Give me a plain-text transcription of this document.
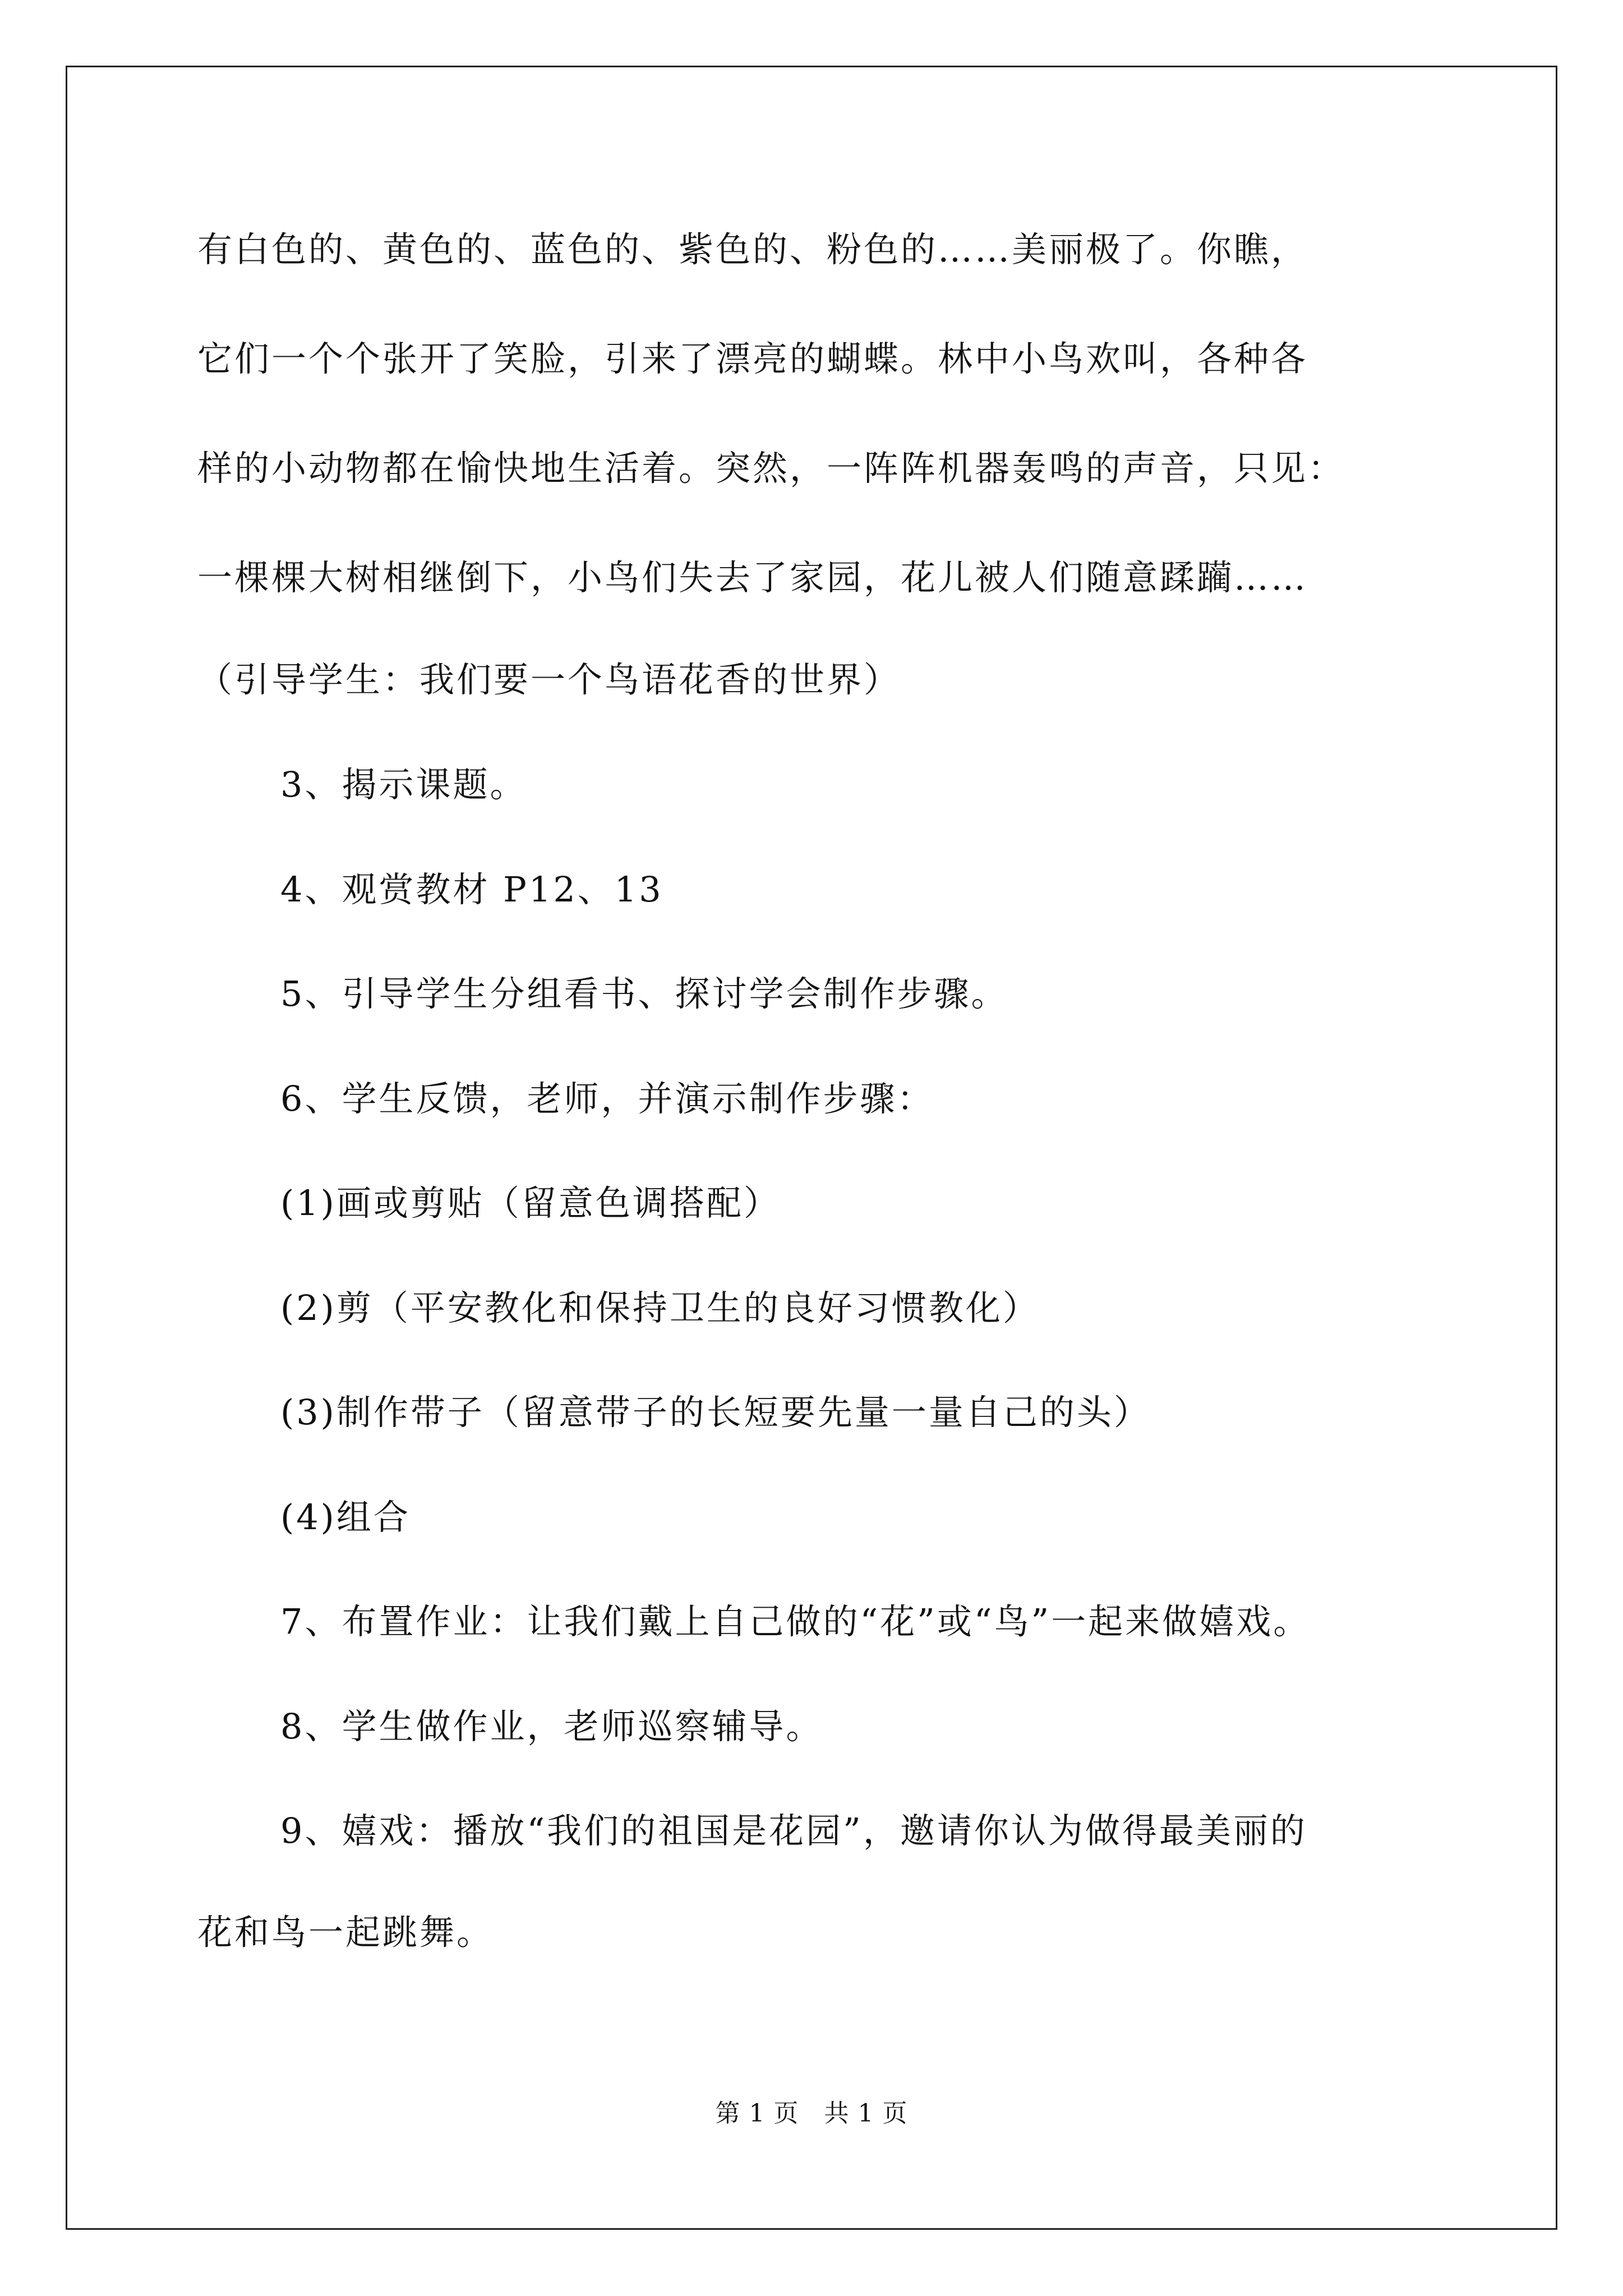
有白色的、黄色的、蓝色的、紫色的、粉色的……美丽极了。你瞧，
它们一个个张开了笑脸，引来了漂亮的蝴蝶。林中小鸟欢叫，各种各
样的小动物都在愉快地生活着。突然，一阵阵机器轰鸣的声音，只见：
一棵棵大树相继倒下，小鸟们失去了家园，花儿被人们随意蹂躏……
（引导学生：我们要一个鸟语花香的世界）
3、揭示课题。
4、观赏教材 P12、13
5、引导学生分组看书、探讨学会制作步骤。
6、学生反馈，老师，并演示制作步骤：
(1)画或剪贴（留意色调搭配）
(2)剪（平安教化和保持卫生的良好习惯教化）
(3)制作带子（留意带子的长短要先量一量自己的头）
(4)组合
7、布置作业：让我们戴上自己做的“花”或“鸟”一起来做嬉戏。
8、学生做作业，老师巡察辅导。
9、嬉戏：播放“我们的祖国是花园”，邀请你认为做得最美丽的
花和鸟一起跳舞。
第 1 页　共 1 页
